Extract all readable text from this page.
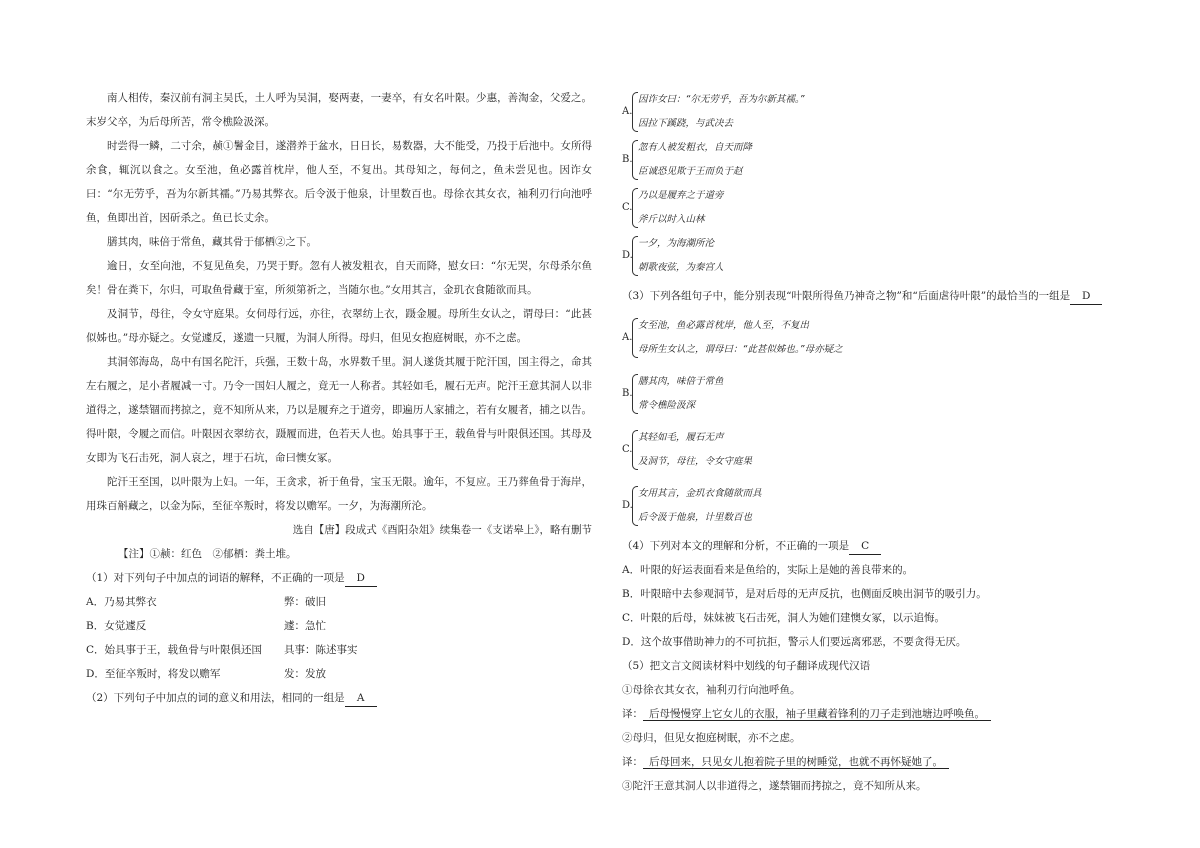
南人相传，秦汉前有洞主吴氏，土人呼为吴洞，娶两妻，一妻卒，有女名叶限。少惠，善淘金，父爱之。末岁父卒，为后母所苦，常令樵险汲深。

时尝得一鳞，二寸余，赪①鬐金目，遂潜养于盆水，日日长，易数器，大不能受，乃投于后池中。女所得余食，辄沉以食之。女至池，鱼必露首枕岸，他人至，不复出。其母知之，每伺之，鱼未尝见也。因诈女曰：“尔无劳乎，吾为尔新其襦。”乃易其弊衣。后令汲于他泉，计里数百也。母徐衣其女衣，袖利刃行向池呼鱼，鱼即出首，因斫杀之。鱼已长丈余。

膳其肉，味倍于常鱼，藏其骨于郁栖②之下。

逾日，女至向池，不复见鱼矣，乃哭于野。忽有人被发粗衣，自天而降，慰女曰：“尔无哭，尔母杀尔鱼矣！骨在粪下，尔归，可取鱼骨藏于室，所须第祈之，当随尔也。”女用其言，金玑衣食随欲而具。

及洞节，母往，令女守庭果。女伺母行远，亦往，衣翠纺上衣，蹑金履。母所生女认之，谓母曰：“此甚似姊也。”母亦疑之。女觉遽反，遂遗一只履，为洞人所得。母归，但见女抱庭树眠，亦不之虑。

其洞邻海岛，岛中有国名陀汗，兵强，王数十岛，水界数千里。洞人遂货其履于陀汗国，国主得之，命其左右履之，足小者履减一寸。乃令一国妇人履之，竟无一人称者。其轻如毛，履石无声。陀汗王意其洞人以非道得之，遂禁锢而拷掠之，竟不知所从来，乃以是履弃之于道旁，即遍历人家捕之，若有女履者，捕之以告。得叶限，令履之而信。叶限因衣翠纺衣，蹑履而进，色若天人也。始具事于王，载鱼骨与叶限俱还国。其母及女即为飞石击死，洞人哀之，埋于石坑，命曰懊女冢。

陀汗王至国，以叶限为上妇。一年，王贪求，祈于鱼骨，宝玉无限。逾年，不复应。王乃葬鱼骨于海岸，用珠百斛藏之，以金为际，至征卒叛时，将发以赡军。一夕，为海潮所沦。

选自【唐】段成式《酉阳杂俎》续集卷一《支诺皋上》，略有删节

【注】①赪：红色　②郁栖：粪土堆。

（1）对下列句子中加点的词语的解释，不正确的一项是 D

A．乃易其弊衣	弊：破旧
B．女觉遽反	遽：急忙
C．始具事于王，载鱼骨与叶限俱还国	具事：陈述事实
D．至征卒叛时，将发以赡军	发：发放

（2）下列句子中加点的词的意义和用法，相同的一组是 A

A.
因诈女曰：“尔无劳乎，吾为尔新其襦。”
因拉下蹊跷，与武决去
B.
忽有人被发粗衣，自天而降
臣诚恐见欺于王而负于赵
C.
乃以是履弃之于道旁
斧斤以时入山林
D.
一夕，为海潮所沦
朝歌夜弦，为秦宫人

（3）下列各组句子中，能分别表现“叶限所得鱼乃神奇之物”和“后面虐待叶限”的最恰当的一组是 D

A.
女至池，鱼必露首枕岸，他人至，不复出
母所生女认之，谓母曰：“此甚似姊也。”母亦疑之
B.
膳其肉，味倍于常鱼
常令樵险汲深
C.
其轻如毛，履石无声
及洞节，母往，令女守庭果
D.
女用其言，金玑衣食随欲而具
后令汲于他泉，计里数百也

（4）下列对本文的理解和分析，不正确的一项是 C

A．叶限的好运表面看来是鱼给的，实际上是她的善良带来的。

B．叶限暗中去参观洞节，是对后母的无声反抗，也侧面反映出洞节的吸引力。

C．叶限的后母，妹妹被飞石击死，洞人为她们建懊女冢，以示追悔。

D．这个故事借助神力的不可抗拒，警示人们要远离邪恶，不要贪得无厌。

（5）把文言文阅读材料中划线的句子翻译成现代汉语

①母徐衣其女衣，袖利刃行向池呼鱼。

译： 后母慢慢穿上它女儿的衣服，袖子里藏着锋利的刀子走到池塘边呼唤鱼。

②母归，但见女抱庭树眠，亦不之虑。

译： 后母回来，只见女儿抱着院子里的树睡觉，也就不再怀疑她了。

③陀汗王意其洞人以非道得之，遂禁锢而拷掠之，竟不知所从来。
